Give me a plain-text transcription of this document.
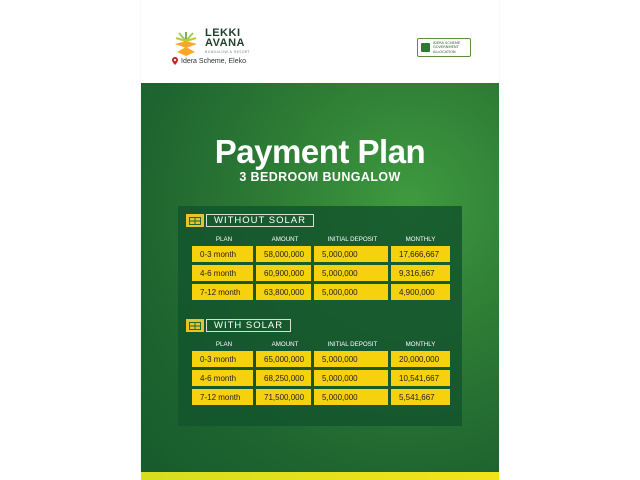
LEKKI
AVANA
BUNGALOW & RESORT
Idera Scheme, Eleko
IDERA SCHEME
GOVERNMENT
ALLOCATION
Payment Plan
3 BEDROOM BUNGALOW
WITHOUT SOLAR
PLAN	AMOUNT	INITIAL DEPOSIT	MONTHLY
0-3 month	58,000,000	5,000,000	17,666,667
4-6 month	60,900,000	5,000,000	9,316,667
7-12 month	63,800,000	5,000,000	4,900,000
WITH SOLAR
PLAN	AMOUNT	INITIAL DEPOSIT	MONTHLY
0-3 month	65,000,000	5,000,000	20,000,000
4-6 month	68,250,000	5,000,000	10,541,667
7-12 month	71,500,000	5,000,000	5,541,667
